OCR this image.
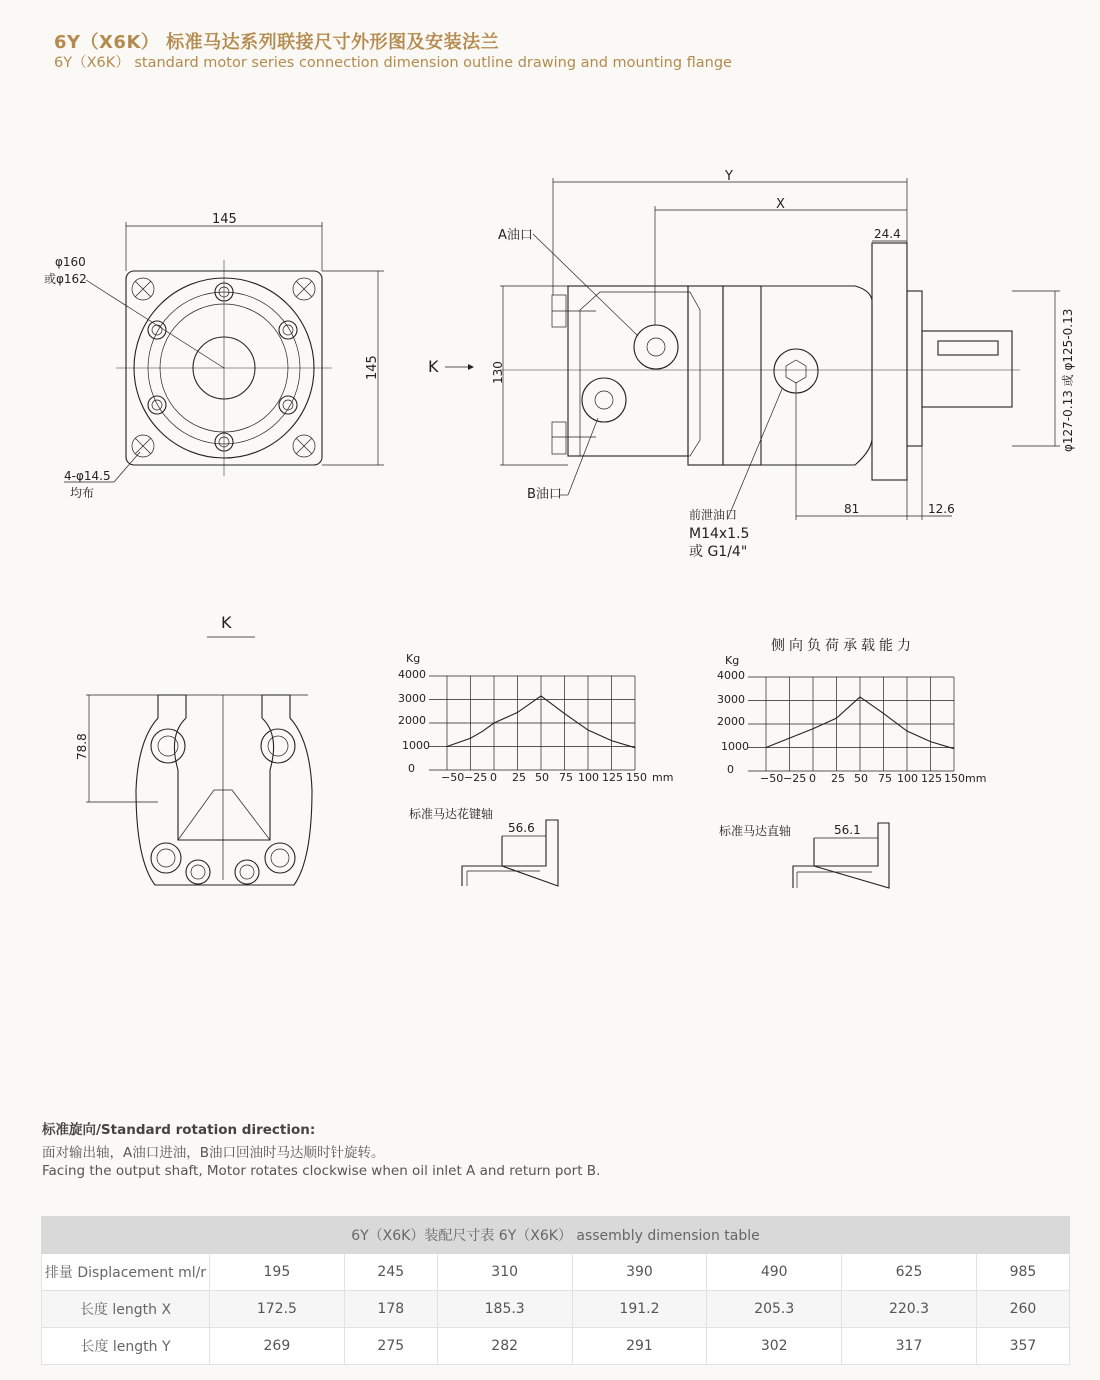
6Y（X6K） 标准马达系列联接尺寸外形图及安装法兰
6Y（X6K） standard motor series connection dimension outline drawing and mounting flange
145
145
φ160
或φ162
4-φ14.5
均布
K	130
Y
X
24.4
A油口
B油口
81	12.6
前泄油口
M14x1.5
或 G1/4"
φ127-0.13 或 φ125-0.13
K
78.8
Kg
4000
3000
2000
1000
0
−50 −25 0 25 50 75 100 125 150 mm
标准马达花键轴
56.6
侧向负荷承载能力
Kg
4000
3000
2000
1000
0
−50 −25 0 25 50 75 100 125 150mm
标准马达直轴	56.1
标准旋向/Standard rotation direction:
面对输出轴，A油口进油，B油口回油时马达顺时针旋转。
Facing the output shaft, Motor rotates clockwise when oil inlet A and return port B.
6Y（X6K）装配尺寸表 6Y（X6K） assembly dimension table							
排量 Displacement ml/r	195	245	310	390	490	625	985
长度 length X	172.5	178	185.3	191.2	205.3	220.3	260
长度 length Y	269	275	282	291	302	317	357
